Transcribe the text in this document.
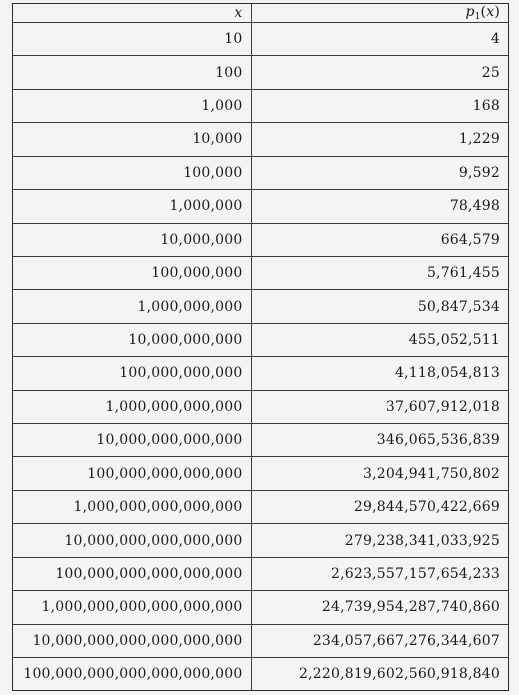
x	$p_1(x)$
10	4
100	25
1,000	168
10,000	1,229
100,000	9,592
1,000,000	78,498
10,000,000	664,579
100,000,000	5,761,455
1,000,000,000	50,847,534
10,000,000,000	455,052,511
100,000,000,000	4,118,054,813
1,000,000,000,000	37,607,912,018
10,000,000,000,000	346,065,536,839
100,000,000,000,000	3,204,941,750,802
1,000,000,000,000,000	29,844,570,422,669
10,000,000,000,000,000	279,238,341,033,925
100,000,000,000,000,000	2,623,557,157,654,233
1,000,000,000,000,000,000	24,739,954,287,740,860
10,000,000,000,000,000,000	234,057,667,276,344,607
100,000,000,000,000,000,000	2,220,819,602,560,918,840
